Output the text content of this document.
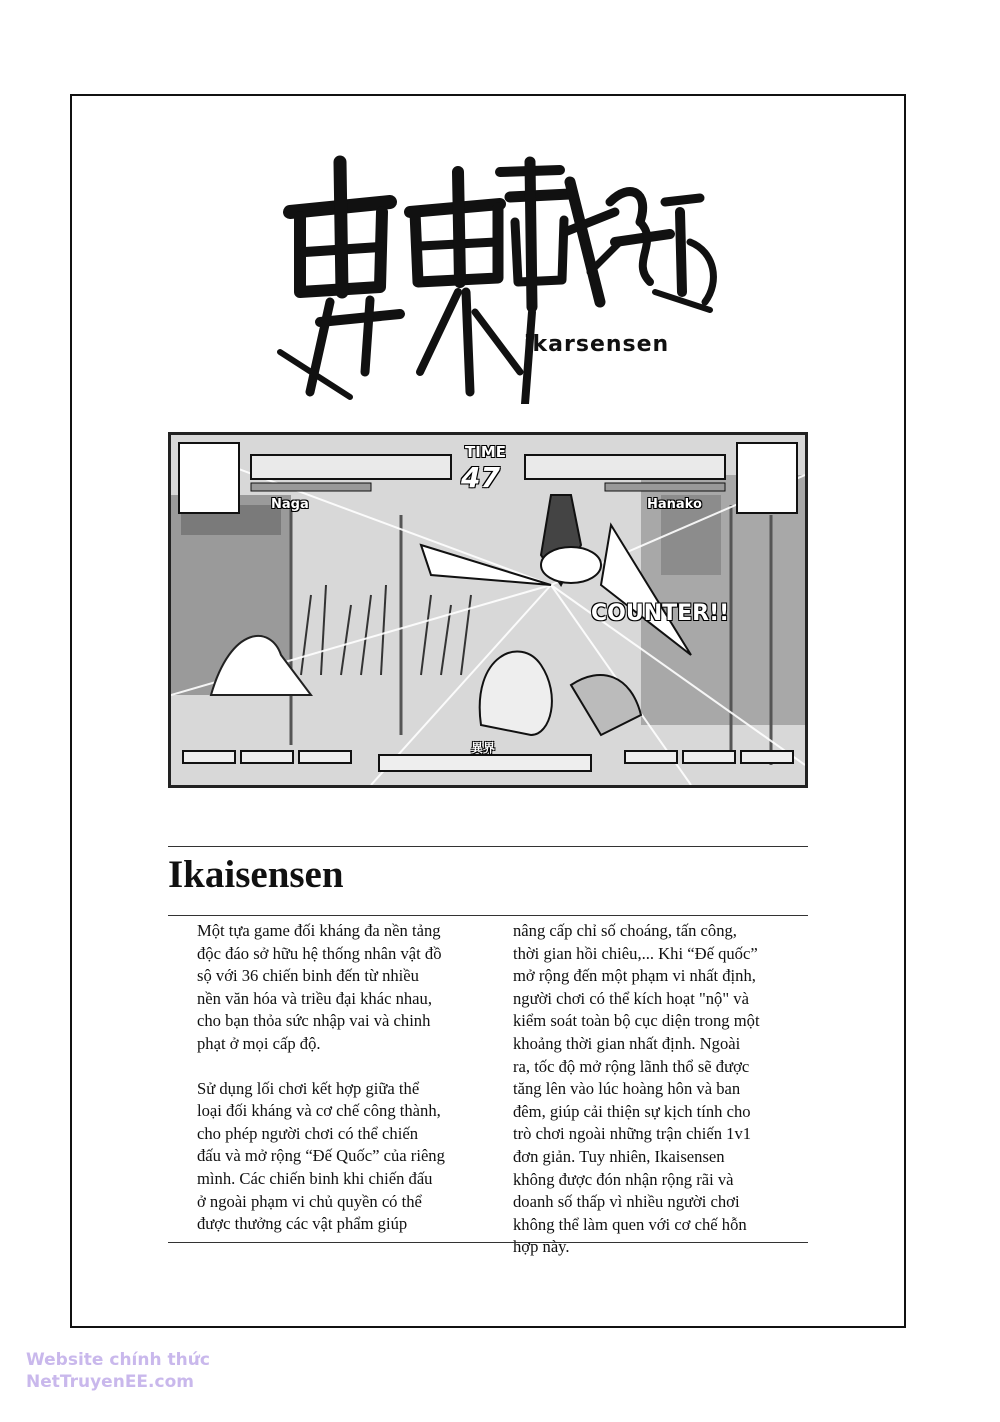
ikarsensen
TIME
47
Naga	Hanako
COUNTER!!
異界
Ikaisensen

Một tựa game đối kháng đa nền tảng độc đáo sở hữu hệ thống nhân vật đồ sộ với 36 chiến binh đến từ nhiều nền văn hóa và triều đại khác nhau, cho bạn thỏa sức nhập vai và chinh phạt ở mọi cấp độ.

Sử dụng lối chơi kết hợp giữa thể loại đối kháng và cơ chế công thành, cho phép người chơi có thể chiến đấu và mở rộng “Đế Quốc” của riêng mình. Các chiến binh khi chiến đấu ở ngoài phạm vi chủ quyền có thể được thưởng các vật phẩm giúp

nâng cấp chỉ số choáng, tấn công, thời gian hồi chiêu,... Khi “Đế quốc” mở rộng đến một phạm vi nhất định, người chơi có thể kích hoạt "nộ" và kiểm soát toàn bộ cục diện trong một khoảng thời gian nhất định. Ngoài ra, tốc độ mở rộng lãnh thổ sẽ được tăng lên vào lúc hoàng hôn và ban đêm, giúp cải thiện sự kịch tính cho trò chơi ngoài những trận chiến 1v1 đơn giản. Tuy nhiên, Ikaisensen không được đón nhận rộng rãi và doanh số thấp vì nhiều người chơi không thể làm quen với cơ chế hỗn hợp này.

Website chính thức
NetTruyenEE.com
